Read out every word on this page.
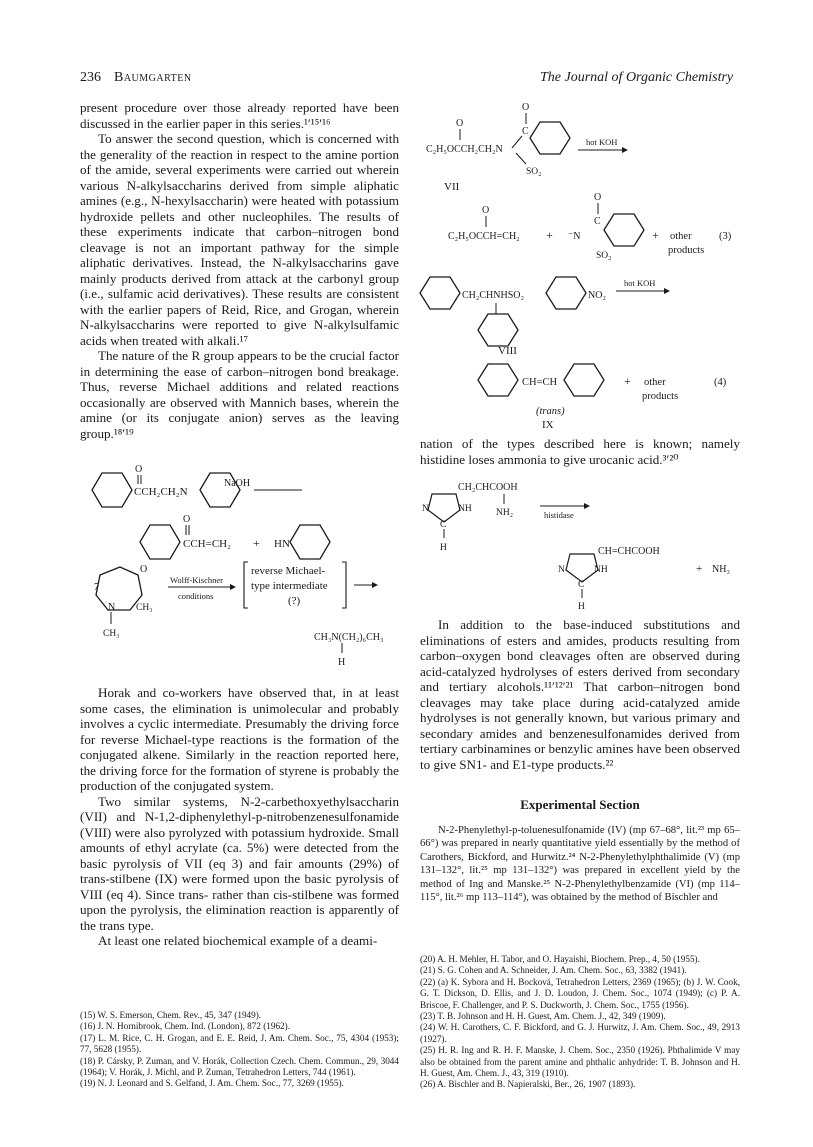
236 Baumgarten	The Journal of Organic Chemistry

present procedure over those already reported have been discussed in the earlier paper in this series.¹ʹ¹⁵ʹ¹⁶

To answer the second question, which is concerned with the generality of the reaction in respect to the amine portion of the amide, several experiments were carried out wherein various N-alkylsaccharins derived from simple aliphatic amines (e.g., N-hexylsaccharin) were heated with potassium hydroxide pellets and other nucleophiles. The results of these experiments indicate that carbon–nitrogen bond cleavage is not an important pathway for the simple aliphatic derivatives. Instead, the N-alkylsaccharins gave mainly products derived from attack at the carbonyl group (i.e., sulfamic acid derivatives). These results are consistent with the earlier papers of Reid, Rice, and Grogan, wherein N-alkylsaccharins were reported to give N-alkylsulfamic acids when treated with alkali.¹⁷

The nature of the R group appears to be the crucial factor in determining the ease of carbon–nitrogen bond breakage. Thus, reverse Michael additions and related reactions occasionally are observed with Mannich bases, wherein the amine (or its conjugate anion) serves as the leaving group.¹⁸ʹ¹⁹

CCH₂CH₂N
O
NaOH
CCH=CH₂
O
+ HN
O
7
N CH₃
CH₃
Wolff-Kischner
conditions
reverse Michael-
type intermediate
(?)
CH₃N(CH₂)₆CH₃
H

Horak and co-workers have observed that, in at least some cases, the elimination is unimolecular and probably involves a cyclic intermediate. Presumably the driving force for reverse Michael-type reactions is the formation of the conjugated alkene. Similarly in the reaction reported here, the driving force for the formation of styrene is probably the production of the conjugated system.

Two similar systems, N-2-carbethoxyethylsaccharin (VII) and N-1,2-diphenylethyl-p-nitrobenzenesulfonamide (VIII) were also pyrolyzed with potassium hydroxide. Small amounts of ethyl acrylate (ca. 5%) were detected from the basic pyrolysis of VII (eq 3) and fair amounts (29%) of trans-stilbene (IX) were formed upon the basic pyrolysis of VIII (eq 4). Since trans- rather than cis-stilbene was formed upon the pyrolysis, the elimination reaction is apparently of the trans type.

At least one related biochemical example of a deami-

(15) W. S. Emerson, Chem. Rev., 45, 347 (1949).

(16) J. N. Hornibrook, Chem. Ind. (London), 872 (1962).

(17) L. M. Rice, C. H. Grogan, and E. E. Reid, J. Am. Chem. Soc., 75, 4304 (1953); 77, 5628 (1955).

(18) P. Cársky, P. Zuman, and V. Horák, Collection Czech. Chem. Commun., 29, 3044 (1964); V. Horák, J. Michl, and P. Zuman, Tetrahedron Letters, 744 (1961).

(19) N. J. Leonard and S. Gelfand, J. Am. Chem. Soc., 77, 3269 (1955).

O
C
O
C₂H₅OCCH₂CH₂N
SO₂
hot KOH
VII
O
C₂H₅OCCH=CH₂ + ⁻N
O
C
SO₂
+ other
products
(3)
CH₂CHNHSO₂	NO₂
hot KOH
VIII
CH=CH	+ other
products
(4)
(trans)
IX

nation of the types described here is known; namely histidine loses ammonia to give urocanic acid.³ʹ²⁰

CH₂CHCOOH
NH
N
C
H
NH₂	histidase
CH=CHCOOH
NH
N
C
H
+ NH₃

In addition to the base-induced substitutions and eliminations of esters and amides, products resulting from carbon–oxygen bond cleavages often are observed during acid-catalyzed hydrolyses of esters derived from secondary and tertiary alcohols.¹¹ʹ¹²ʹ²¹ That carbon–nitrogen bond cleavages may take place during acid-catalyzed amide hydrolyses is not generally known, but various primary and secondary amides and benzenesulfonamides derived from tertiary carbinamines or benzylic amines have been observed to give SN1- and E1-type products.²²

Experimental Section

N-2-Phenylethyl-p-toluenesulfonamide (IV) (mp 67–68°, lit.²³ mp 65–66°) was prepared in nearly quantitative yield essentially by the method of Carothers, Bickford, and Hurwitz.²⁴ N-2-Phenylethylphthalimide (V) (mp 131–132°, lit.²⁵ mp 131–132°) was prepared in excellent yield by the method of Ing and Manske.²⁵ N-2-Phenylethylbenzamide (VI) (mp 114–115°, lit.²⁶ mp 113–114°), was obtained by the method of Bischler and

(20) A. H. Mehler, H. Tabor, and O. Hayaishi, Biochem. Prep., 4, 50 (1955).

(21) S. G. Cohen and A. Schneider, J. Am. Chem. Soc., 63, 3382 (1941).

(22) (a) K. Sybora and H. Bocková, Tetrahedron Letters, 2369 (1965); (b) J. W. Cook, G. T. Dickson, D. Ellis, and J. D. Loudon, J. Chem. Soc., 1074 (1949); (c) P. A. Briscoe, F. Challenger, and P. S. Duckworth, J. Chem. Soc., 1755 (1956).

(23) T. B. Johnson and H. H. Guest, Am. Chem. J., 42, 349 (1909).

(24) W. H. Carothers, C. F. Bickford, and G. J. Hurwitz, J. Am. Chem. Soc., 49, 2913 (1927).

(25) H. R. Ing and R. H. F. Manske, J. Chem. Soc., 2350 (1926). Phthalimide V may also be obtained from the parent amine and phthalic anhydride: T. B. Johnson and H. H. Guest, Am. Chem. J., 43, 319 (1910).

(26) A. Bischler and B. Napieralski, Ber., 26, 1907 (1893).
